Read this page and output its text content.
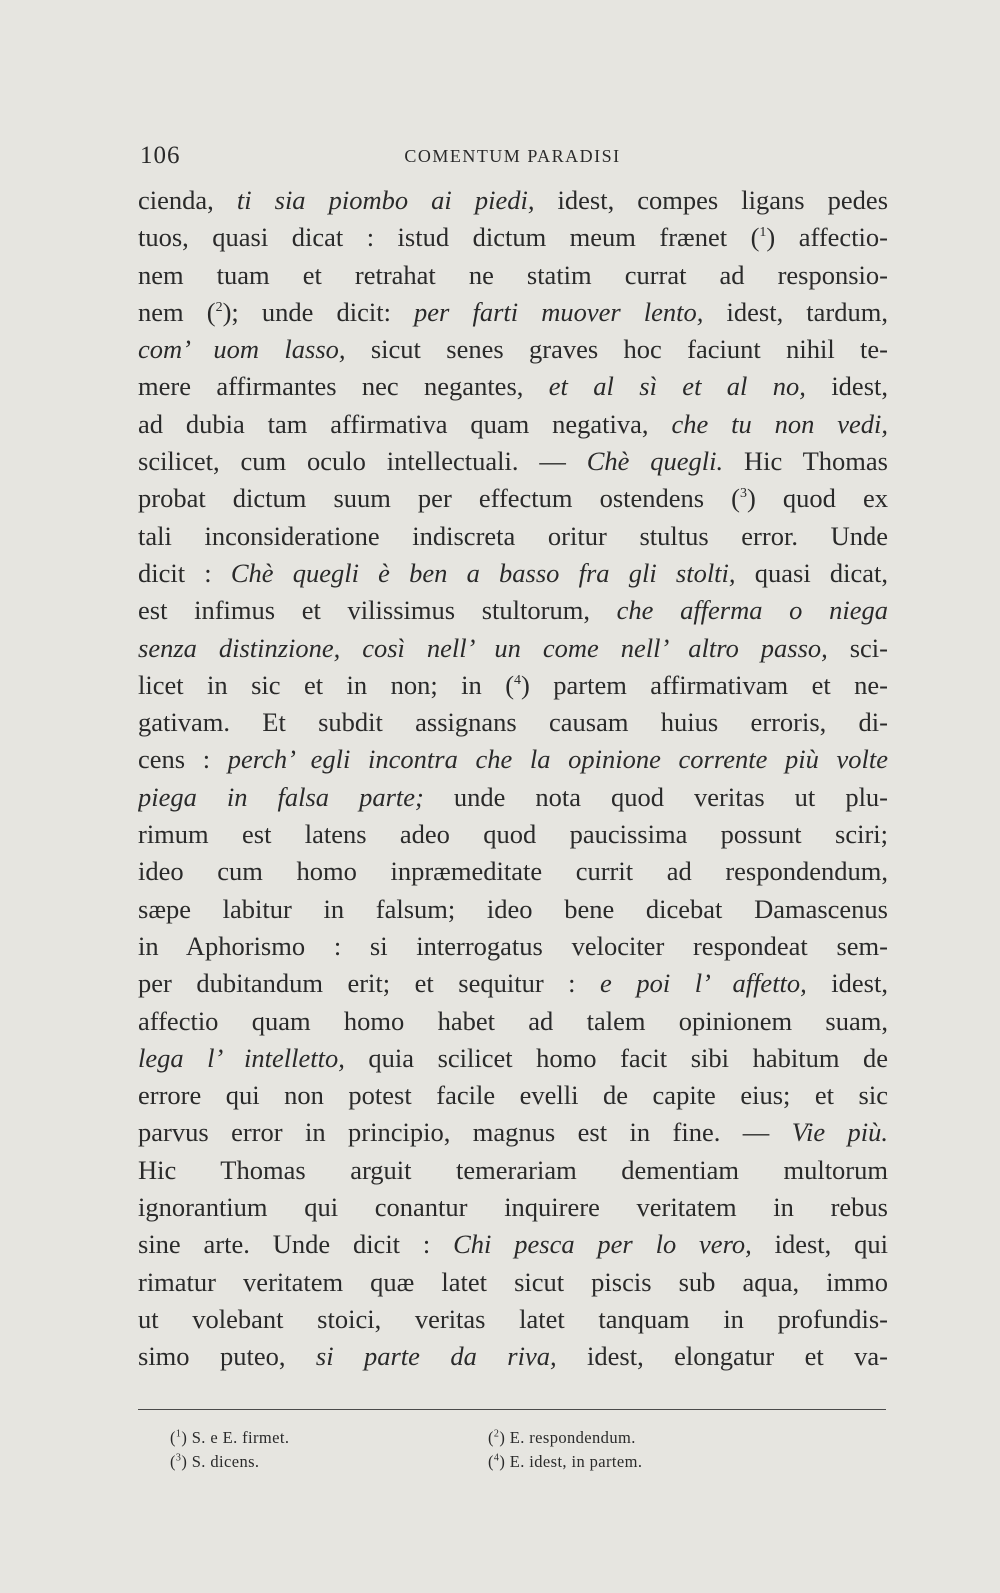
106	COMENTUM PARADISI
cienda, ti sia piombo ai piedi, idest, compes ligans pedes
tuos, quasi dicat : istud dictum meum frænet ($^1$) affectio-
nem tuam et retrahat ne statim currat ad responsio-
nem ($^2$); unde dicit: per farti muover lento, idest, tardum,
com’ uom lasso, sicut senes graves hoc faciunt nihil te-
mere affirmantes nec negantes, et al sì et al no, idest,
ad dubia tam affirmativa quam negativa, che tu non vedi,
scilicet, cum oculo intellectuali. — Chè quegli. Hic Thomas
probat dictum suum per effectum ostendens ($^3$) quod ex
tali inconsideratione indiscreta oritur stultus error. Unde
dicit : Chè quegli è ben a basso fra gli stolti, quasi dicat,
est infimus et vilissimus stultorum, che afferma o niega
senza distinzione, così nell’ un come nell’ altro passo, sci-
licet in sic et in non; in ($^4$) partem affirmativam et ne-
gativam. Et subdit assignans causam huius erroris, di-
cens : perch’ egli incontra che la opinione corrente più volte
piega in falsa parte; unde nota quod veritas ut plu-
rimum est latens adeo quod paucissima possunt sciri;
ideo cum homo inpræmeditate currit ad respondendum,
sæpe labitur in falsum; ideo bene dicebat Damascenus
in Aphorismo : si interrogatus velociter respondeat sem-
per dubitandum erit; et sequitur : e poi l’ affetto, idest,
affectio quam homo habet ad talem opinionem suam,
lega l’ intelletto, quia scilicet homo facit sibi habitum de
errore qui non potest facile evelli de capite eius; et sic
parvus error in principio, magnus est in fine. — Vie più.
Hic Thomas arguit temerariam dementiam multorum
ignorantium qui conantur inquirere veritatem in rebus
sine arte. Unde dicit : Chi pesca per lo vero, idest, qui
rimatur veritatem quæ latet sicut piscis sub aqua, immo
ut volebant stoici, veritas latet tanquam in profundis-
simo puteo, si parte da riva, idest, elongatur et va-
($^1$) S. e E. firmet.	($^2$) E. respondendum.
($^3$) S. dicens.	($^4$) E. idest, in partem.
